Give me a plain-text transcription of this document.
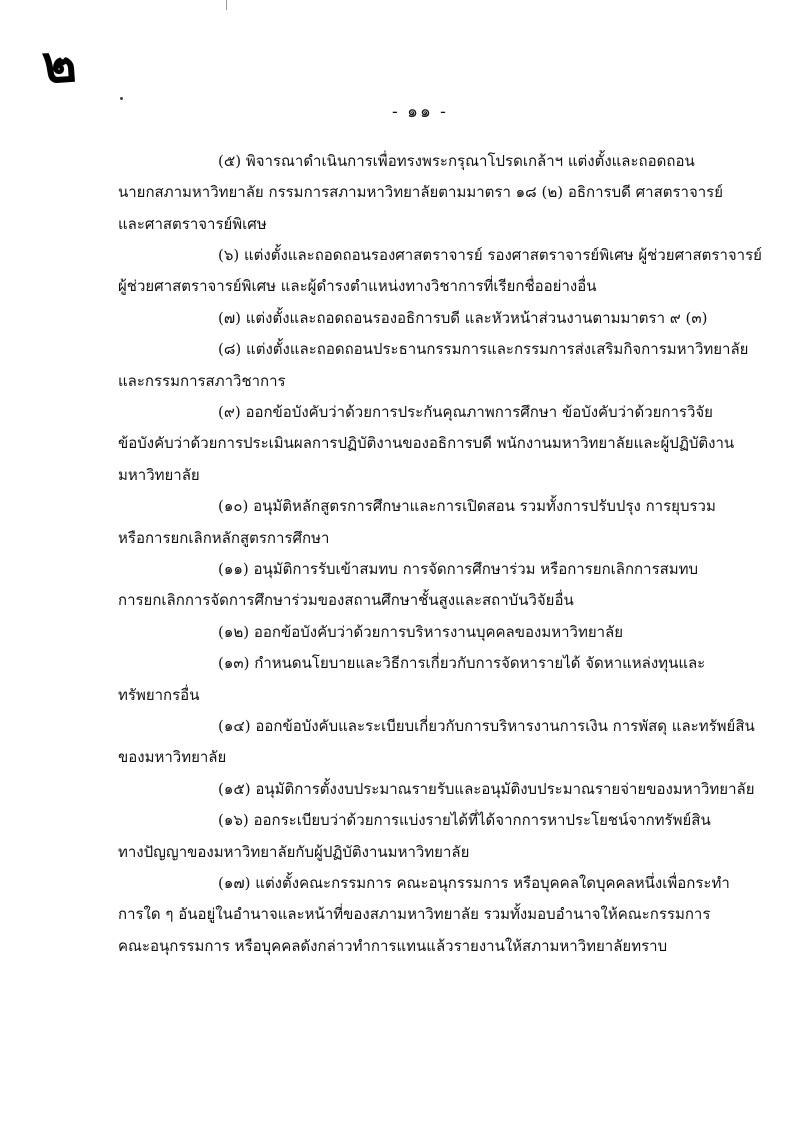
๒
- ๑๑ -
(๕) พิจารณาดำเนินการเพื่อทรงพระกรุณาโปรดเกล้าฯ แต่งตั้งและถอดถอน
นายกสภามหาวิทยาลัย กรรมการสภามหาวิทยาลัยตามมาตรา ๑๘ (๒) อธิการบดี ศาสตราจารย์
และศาสตราจารย์พิเศษ
(๖) แต่งตั้งและถอดถอนรองศาสตราจารย์ รองศาสตราจารย์พิเศษ ผู้ช่วยศาสตราจารย์
ผู้ช่วยศาสตราจารย์พิเศษ และผู้ดำรงตำแหน่งทางวิชาการที่เรียกชื่ออย่างอื่น
(๗) แต่งตั้งและถอดถอนรองอธิการบดี และหัวหน้าส่วนงานตามมาตรา ๙ (๓)
(๘) แต่งตั้งและถอดถอนประธานกรรมการและกรรมการส่งเสริมกิจการมหาวิทยาลัย
และกรรมการสภาวิชาการ
(๙) ออกข้อบังคับว่าด้วยการประกันคุณภาพการศึกษา ข้อบังคับว่าด้วยการวิจัย
ข้อบังคับว่าด้วยการประเมินผลการปฏิบัติงานของอธิการบดี พนักงานมหาวิทยาลัยและผู้ปฏิบัติงาน
มหาวิทยาลัย
(๑๐) อนุมัติหลักสูตรการศึกษาและการเปิดสอน รวมทั้งการปรับปรุง การยุบรวม
หรือการยกเลิกหลักสูตรการศึกษา
(๑๑) อนุมัติการรับเข้าสมทบ การจัดการศึกษาร่วม หรือการยกเลิกการสมทบ
การยกเลิกการจัดการศึกษาร่วมของสถานศึกษาชั้นสูงและสถาบันวิจัยอื่น
(๑๒) ออกข้อบังคับว่าด้วยการบริหารงานบุคคลของมหาวิทยาลัย
(๑๓) กำหนดนโยบายและวิธีการเกี่ยวกับการจัดหารายได้ จัดหาแหล่งทุนและ
ทรัพยากรอื่น
(๑๔) ออกข้อบังคับและระเบียบเกี่ยวกับการบริหารงานการเงิน การพัสดุ และทรัพย์สิน
ของมหาวิทยาลัย
(๑๕) อนุมัติการตั้งงบประมาณรายรับและอนุมัติงบประมาณรายจ่ายของมหาวิทยาลัย
(๑๖) ออกระเบียบว่าด้วยการแบ่งรายได้ที่ได้จากการหาประโยชน์จากทรัพย์สิน
ทางปัญญาของมหาวิทยาลัยกับผู้ปฏิบัติงานมหาวิทยาลัย
(๑๗) แต่งตั้งคณะกรรมการ คณะอนุกรรมการ หรือบุคคลใดบุคคลหนึ่งเพื่อกระทำ
การใด ๆ อันอยู่ในอำนาจและหน้าที่ของสภามหาวิทยาลัย รวมทั้งมอบอำนาจให้คณะกรรมการ
คณะอนุกรรมการ หรือบุคคลดังกล่าวทำการแทนแล้วรายงานให้สภามหาวิทยาลัยทราบ
